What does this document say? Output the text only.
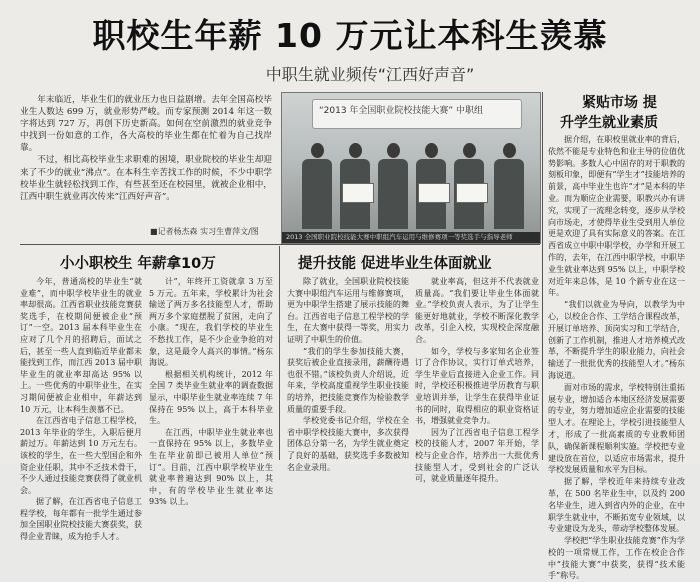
职校生年薪 10 万元让本科生羡慕
中职生就业频传“江西好声音”

年末临近，毕业生们的就业压力也日益剧增。去年全国高校毕业生人数达 699 万，就业形势严峻。而专家预测 2014 年这一数字将达到 727 万，再创下历史新高。如何在空前激烈的就业竞争中找到一份如意的工作，各大高校的毕业生都在忙着为自己找岸靠。

不过，相比高校毕业生求职难的困境，职业院校的毕业生却迎来了不少的就业“沸点”。在本科生辛苦找工作的时候，不少中职学校毕业生就轻松找到工作，有些甚至还在校园里，就被企业相中，江西中职生就业再次传来“江西好声音”。

■记者杨杰森 实习生曹萍文/图
“2013 年全国职业院校技能大赛” 中职组
2013 全国职业院校技能大赛中职组汽车运用与维修赛项一等奖选手与指导老师
紧贴市场 提
升学生就业素质

据介绍，在职校里就业率的背后，依然不能是专业特色和业主导的位值优势影响。多数人心中固存的对于职教的刻板印象，即便有“学生才”技能培养的前景，高中毕业生也许“才”是本科的毕业。而为顺应企业需要，职教兴办有讲究，实现了一流理念转变，逐步从学校向市场走，才使得毕业生受到用人单位更是欢迎了具有实际意义的答案。在江西省成立中职中职学校，办学和开展工作的，去年，在江西中职学校，中职毕业生就业率达到 95% 以上，中职学校对近年来总体，是 10 个新专业在这一年。

“我们以就业为导向，以教学为中心，以校企合作、工学结合课程改革，开展订单培养、顶岗实习和工学结合，创新了工作机制，推进人才培养模式改革，不断提升学生的职业能力，向社会输送了一批批优秀的技能型人才。”杨东海说道。

面对市场的需求，学校特别注重拓展专业，增加适合本地区经济发展需要的专业，努力增加适应企业需要的技能型人才。在理论上，学校引进技能型人才，形成了一批高素质的专业教师团队，确保新课程顺利实施。学校把专业建设放在首位，以适应市场需求，提升学校发展质量和水平为目标。

据了解，学校近年来持续专业改革，在 500 名毕业生中，以及约 200 名毕业生，进入到省内外的企业，在中职学生就业中，不断拓宽专业领域，以专业建设为龙头，带动学校整体发展。

学校把“学生职业技能竞赛”作为学校的一项常规工作，工作在校企合作中“技能大赛”中获奖，获得“技术能手”称号。

小小职校生 年薪拿10万

今年，普通高校的毕业生“就业难”，而中职学校毕业生的就业率却很高。江西省职业技能竞赛获奖选手，在校期间便被企业“预订”一空。2013 届本科毕业生在应对了几个月的招聘后，面试之后，甚至一些人直到临近毕业都未能找到工作，而江西 2013 届中职毕业生的就业率却高达 95% 以上。一些优秀的中职毕业生，在实习期间便被企业相中，年薪达到 10 万元，让本科生羡慕不已。

在江西省电子信息工程学校，2013 年毕业的学生，入职后便月薪过万。年薪达到 10 万元左右。该校的学生，在一些大型国企和外资企业任职，其中不乏技术骨干，不少人通过技能竞赛获得了就业机会。

据了解，在江西省电子信息工程学校，每年都有一批学生通过参加全国职业院校技能大赛获奖，获得企业青睐，成为抢手人才。

计”，年终开工资就拿 3 万至 5 万元。五年来，学校累计为社会输送了两万多名技能型人才，帮助两万多个家庭摆脱了贫困，走向了小康。“现在，我们学校的毕业生不愁找工作，是不少企业争抢的对象，这是最令人高兴的事情。”杨东海说。

根据相关机构统计，2012 年全国 7 类毕业生就业率的调查数据显示，中职毕业生就业率连续 7 年保持在 95% 以上，高于本科毕业生。

在江西，中职毕业生就业率也一直保持在 95% 以上，多数毕业生在毕业前即已被用人单位“预订”。目前，江西中职学校毕业生就业率普遍达到 90% 以上，其中，有的学校毕业生就业率达 93% 以上。

提升技能 促进毕业生体面就业

除了就业，全国职业院校技能大赛中职组汽车运用与维修赛项，更为中职学生搭建了展示技能的舞台。江西省电子信息工程学校的学生，在大赛中获得一等奖，用实力证明了中职生的价值。

“我们的学生参加技能大赛，获奖后被企业直接录用，薪酬待遇也很不错。”该校负责人介绍说，近年来，学校高度重视学生职业技能的培养，把技能竞赛作为检验教学质量的重要手段。

学校党委书记介绍，学校在全省中职学校技能大赛中，多次获得团体总分第一名，为学生就业奠定了良好的基础，获奖选手多数被知名企业录用。

就业率高，但这并不代表就业质量高。“我们要让毕业生体面就业。”学校负责人表示，为了让学生能更好地就业，学校不断深化教学改革，引企入校，实现校企深度融合。

如今，学校与多家知名企业签订了合作协议，实行订单式培养，学生毕业后直接进入企业工作。同时，学校还积极推进学历教育与职业培训并举，让学生在获得毕业证书的同时，取得相应的职业资格证书，增强就业竞争力。

因为了江西省电子信息工程学校的技能人才，2007 年开始，学校与企业合作，培养出一大批优秀技能型人才，受到社会的广泛认可，就业质量逐年提升。
